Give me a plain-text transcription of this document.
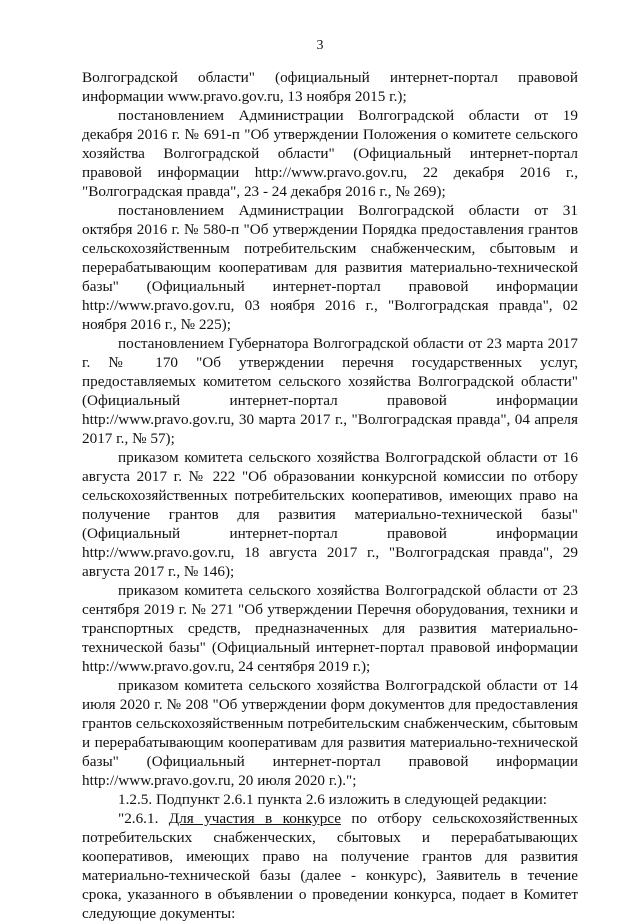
3

Волгоградской области" (официальный интернет-портал правовой информации www.pravo.gov.ru, 13 ноября 2015 г.);

постановлением Администрации Волгоградской области от 19 декабря 2016 г. № 691-п "Об утверждении Положения о комитете сельского хозяйства Волгоградской области" (Официальный интернет-портал правовой информации http://www.pravo.gov.ru, 22 декабря 2016 г., "Волгоградская правда", 23 - 24 декабря 2016 г., № 269);

постановлением Администрации Волгоградской области от 31 октября 2016 г. № 580-п "Об утверждении Порядка предоставления грантов сельскохозяйственным потребительским снабженческим, сбытовым и перерабатывающим кооперативам для развития материально-технической базы" (Официальный интернет-портал правовой информации http://www.pravo.gov.ru, 03 ноября 2016 г., "Волгоградская правда", 02 ноября 2016 г., № 225);

постановлением Губернатора Волгоградской области от 23 марта 2017 г. № 170 "Об утверждении перечня государственных услуг, предоставляемых комитетом сельского хозяйства Волгоградской области" (Официальный интернет-портал правовой информации http://www.pravo.gov.ru, 30 марта 2017 г., "Волгоградская правда", 04 апреля 2017 г., № 57);

приказом комитета сельского хозяйства Волгоградской области от 16 августа 2017 г. № 222 "Об образовании конкурсной комиссии по отбору сельскохозяйственных потребительских кооперативов, имеющих право на получение грантов для развития материально-технической базы" (Официальный интернет-портал правовой информации http://www.pravo.gov.ru, 18 августа 2017 г., "Волгоградская правда", 29 августа 2017 г., № 146);

приказом комитета сельского хозяйства Волгоградской области от 23 сентября 2019 г. № 271 "Об утверждении Перечня оборудования, техники и транспортных средств, предназначенных для развития материально-технической базы" (Официальный интернет-портал правовой информации http://www.pravo.gov.ru, 24 сентября 2019 г.);

приказом комитета сельского хозяйства Волгоградской области от 14 июля 2020 г. № 208 "Об утверждении форм документов для предоставления грантов сельскохозяйственным потребительским снабженческим, сбытовым и перерабатывающим кооперативам для развития материально-технической базы" (Официальный интернет-портал правовой информации http://www.pravo.gov.ru, 20 июля 2020 г.).";

1.2.5. Подпункт 2.6.1 пункта 2.6 изложить в следующей редакции:

"2.6.1. Для участия в конкурсе по отбору сельскохозяйственных потребительских снабженческих, сбытовых и перерабатывающих кооперативов, имеющих право на получение грантов для развития материально-технической базы (далее - конкурс), Заявитель в течение срока, указанного в объявлении о проведении конкурса, подает в Комитет следующие документы:
